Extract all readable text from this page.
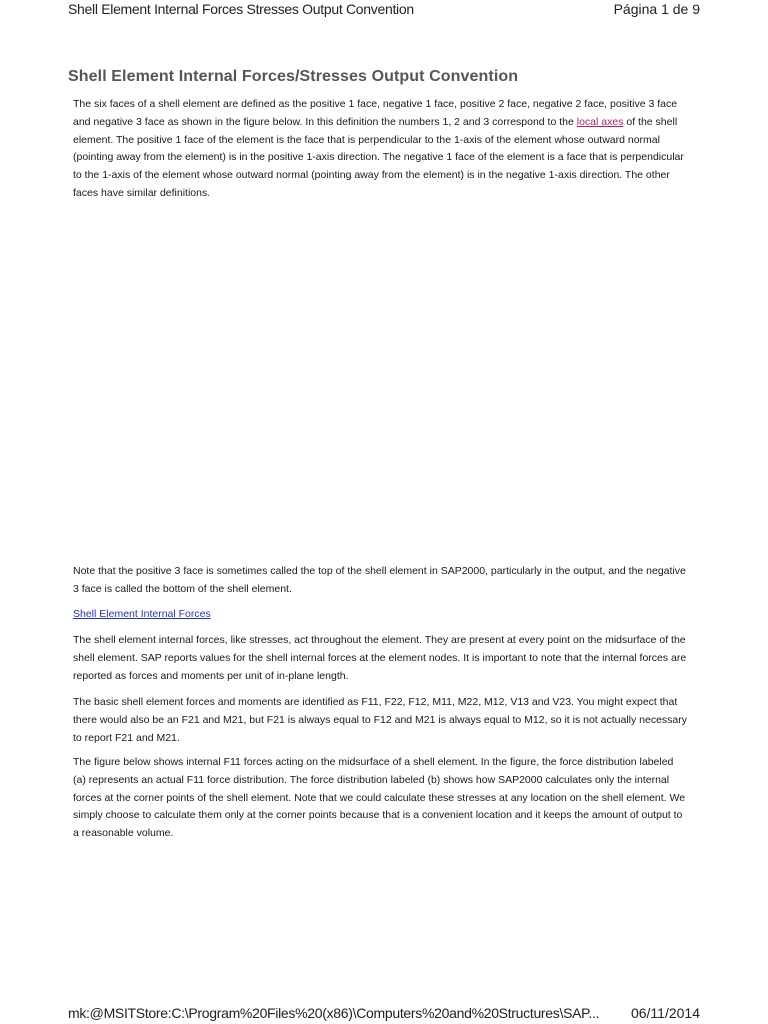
Shell Element Internal Forces Stresses Output Convention	Página 1 de 9
Shell Element Internal Forces/Stresses Output Convention

The six faces of a shell element are defined as the positive 1 face, negative 1 face, positive 2 face, negative 2 face, positive 3 face and negative 3 face as shown in the figure below. In this definition the numbers 1, 2 and 3 correspond to the local axes of the shell element. The positive 1 face of the element is the face that is perpendicular to the 1-axis of the element whose outward normal (pointing away from the element) is in the positive 1-axis direction. The negative 1 face of the element is a face that is perpendicular to the 1-axis of the element whose outward normal (pointing away from the element) is in the negative 1-axis direction. The other faces have similar definitions.

Note that the positive 3 face is sometimes called the top of the shell element in SAP2000, particularly in the output, and the negative 3 face is called the bottom of the shell element.

Shell Element Internal Forces

The shell element internal forces, like stresses, act throughout the element. They are present at every point on the midsurface of the shell element. SAP reports values for the shell internal forces at the element nodes. It is important to note that the internal forces are reported as forces and moments per unit of in-plane length.

The basic shell element forces and moments are identified as F11, F22, F12, M11, M22, M12, V13 and V23. You might expect that there would also be an F21 and M21, but F21 is always equal to F12 and M21 is always equal to M12, so it is not actually necessary to report F21 and M21.

The figure below shows internal F11 forces acting on the midsurface of a shell element. In the figure, the force distribution labeled (a) represents an actual F11 force distribution. The force distribution labeled (b) shows how SAP2000 calculates only the internal forces at the corner points of the shell element. Note that we could calculate these stresses at any location on the shell element. We simply choose to calculate them only at the corner points because that is a convenient location and it keeps the amount of output to a reasonable volume.

mk:@MSITStore:C:\Program%20Files%20(x86)\Computers%20and%20Structures\SAP... 06/11/2014
